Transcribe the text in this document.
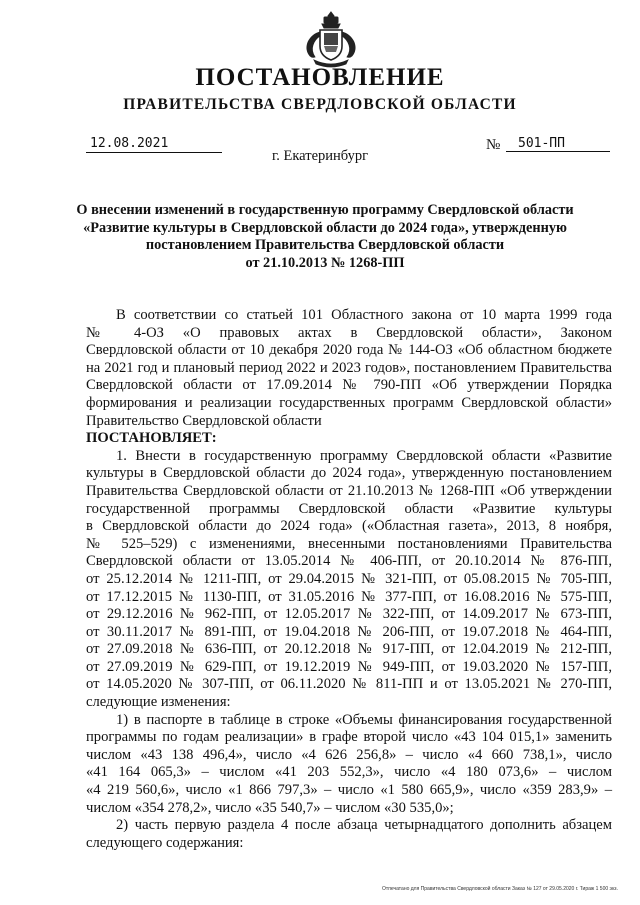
ПОСТАНОВЛЕНИЕ
ПРАВИТЕЛЬСТВА СВЕРДЛОВСКОЙ ОБЛАСТИ
12.08.2021	№	501-ПП
г. Екатеринбург
О внесении изменений в государственную программу Свердловской области
«Развитие культуры в Свердловской области до 2024 года», утвержденную
постановлением Правительства Свердловской области
от 21.10.2013 № 1268-ПП
В соответствии со статьей 101 Областного закона от 10 марта 1999 года
№ 4-ОЗ «О правовых актах в Свердловской области», Законом
Свердловской области от 10 декабря 2020 года № 144-ОЗ «Об областном бюджете
на 2021 год и плановый период 2022 и 2023 годов», постановлением Правительства
Свердловской области от 17.09.2014 № 790-ПП «Об утверждении Порядка
формирования и реализации государственных программ Свердловской области»
Правительство Свердловской области
ПОСТАНОВЛЯЕТ:
1. Внести в государственную программу Свердловской области «Развитие
культуры в Свердловской области до 2024 года», утвержденную постановлением
Правительства Свердловской области от 21.10.2013 № 1268-ПП «Об утверждении
государственной программы Свердловской области «Развитие культуры
в Свердловской области до 2024 года» («Областная газета», 2013, 8 ноября,
№ 525–529) с изменениями, внесенными постановлениями Правительства
Свердловской области от 13.05.2014 № 406-ПП, от 20.10.2014 № 876-ПП,
от 25.12.2014 № 1211-ПП, от 29.04.2015 № 321-ПП, от 05.08.2015 № 705-ПП,
от 17.12.2015 № 1130-ПП, от 31.05.2016 № 377-ПП, от 16.08.2016 № 575-ПП,
от 29.12.2016 № 962-ПП, от 12.05.2017 № 322-ПП, от 14.09.2017 № 673-ПП,
от 30.11.2017 № 891-ПП, от 19.04.2018 № 206-ПП, от 19.07.2018 № 464-ПП,
от 27.09.2018 № 636-ПП, от 20.12.2018 № 917-ПП, от 12.04.2019 № 212-ПП,
от 27.09.2019 № 629-ПП, от 19.12.2019 № 949-ПП, от 19.03.2020 № 157-ПП,
от 14.05.2020 № 307-ПП, от 06.11.2020 № 811-ПП и от 13.05.2021 № 270-ПП,
следующие изменения:
1) в паспорте в таблице в строке «Объемы финансирования государственной
программы по годам реализации» в графе второй число «43 104 015,1» заменить
числом «43 138 496,4», число «4 626 256,8» – число «4 660 738,1», число
«41 164 065,3» – числом «41 203 552,3», число «4 180 073,6» – числом
«4 219 560,6», число «1 866 797,3» – число «1 580 665,9», число «359 283,9» –
числом «354 278,2», число «35 540,7» – числом «30 535,0»;
2) часть первую раздела 4 после абзаца четырнадцатого дополнить абзацем
следующего содержания:
Отпечатано для Правительства Свердловской области Заказ № 127 от 29.05.2020 г. Тираж 1 500 экз.
